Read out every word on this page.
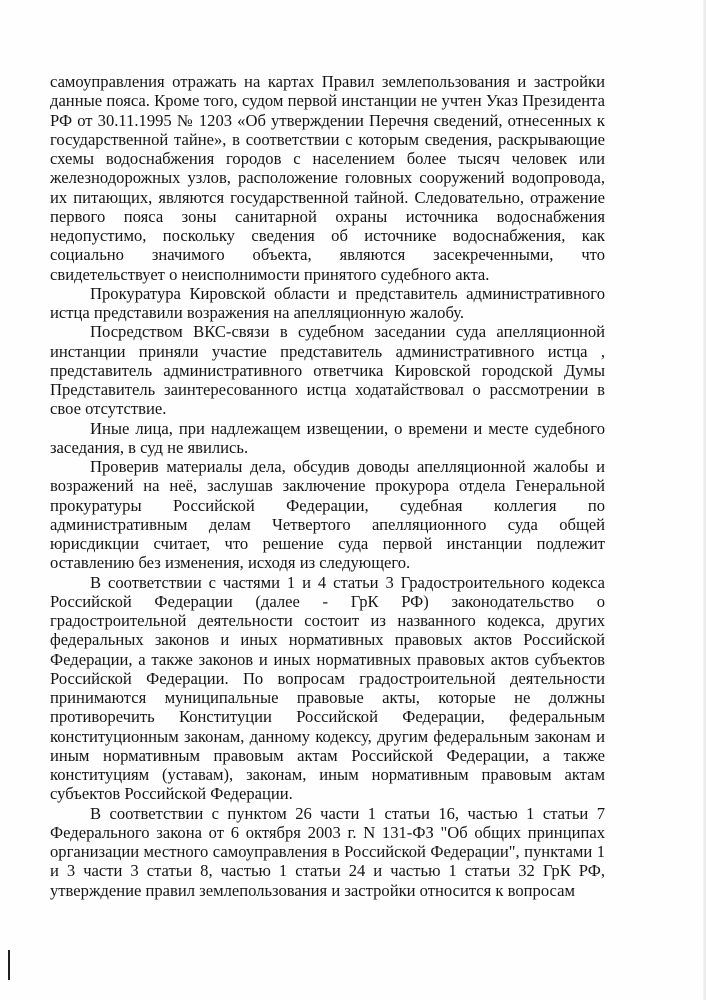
самоуправления отражать на картах Правил землепользования и застройки данные пояса. Кроме того, судом первой инстанции не учтен Указ Президента РФ от 30.11.1995 № 1203 «Об утверждении Перечня сведений, отнесенных к государственной тайне», в соответствии с которым сведения, раскрывающие схемы водоснабжения городов с населением более тысяч человек или железнодорожных узлов, расположение головных сооружений водопровода, их питающих, являются государственной тайной. Следовательно, отражение первого пояса зоны санитарной охраны источника водоснабжения недопустимо, поскольку сведения об источнике водоснабжения, как социально значимого объекта, являются засекреченными, что свидетельствует о неисполнимости принятого судебного акта.

Прокуратура Кировской области и представитель административного истца представили возражения на апелляционную жалобу.

Посредством ВКС-связи в судебном заседании суда апелляционной инстанции приняли участие представитель административного истца , представитель административного ответчика Кировской городской Думы Представитель заинтересованного истца ходатайствовал о рассмотрении в свое отсутствие.

Иные лица, при надлежащем извещении, о времени и месте судебного заседания, в суд не явились.

Проверив материалы дела, обсудив доводы апелляционной жалобы и возражений на неё, заслушав заключение прокурора отдела Генеральной прокуратуры Российской Федерации, судебная коллегия по административным делам Четвертого апелляционного суда общей юрисдикции считает, что решение суда первой инстанции подлежит оставлению без изменения, исходя из следующего.

В соответствии с частями 1 и 4 статьи 3 Градостроительного кодекса Российской Федерации (далее - ГрК РФ) законодательство о градостроительной деятельности состоит из названного кодекса, других федеральных законов и иных нормативных правовых актов Российской Федерации, а также законов и иных нормативных правовых актов субъектов Российской Федерации. По вопросам градостроительной деятельности принимаются муниципальные правовые акты, которые не должны противоречить Конституции Российской Федерации, федеральным конституционным законам, данному кодексу, другим федеральным законам и иным нормативным правовым актам Российской Федерации, а также конституциям (уставам), законам, иным нормативным правовым актам субъектов Российской Федерации.

В соответствии с пунктом 26 части 1 статьи 16, частью 1 статьи 7 Федерального закона от 6 октября 2003 г. N 131-ФЗ "Об общих принципах организации местного самоуправления в Российской Федерации", пунктами 1 и 3 части 3 статьи 8, частью 1 статьи 24 и частью 1 статьи 32 ГрК РФ, утверждение правил землепользования и застройки относится к вопросам
